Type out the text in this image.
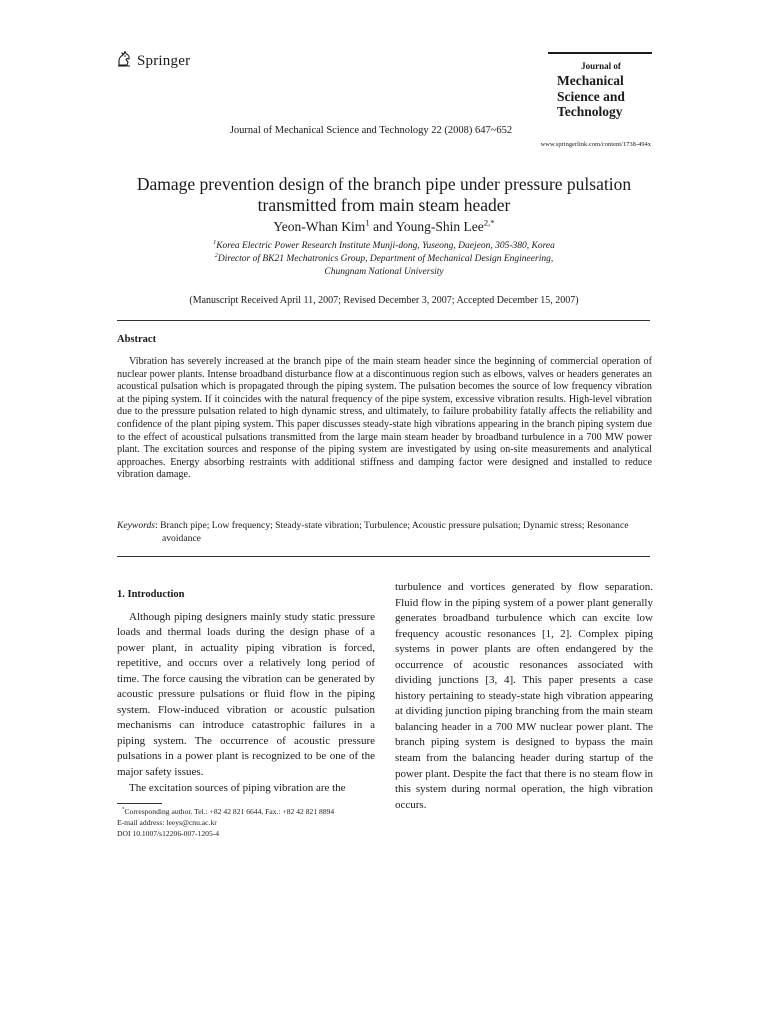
Springer	Journal of
Mechanical
Science and
Technology
Journal of Mechanical Science and Technology 22 (2008) 647~652
www.springerlink.com/content/1738-494x
Damage prevention design of the branch pipe under pressure pulsation
transmitted from main steam header
Yeon-Whan Kim$^1$ and Young-Shin Lee$^{2,*}$
$^1$Korea Electric Power Research Institute Munji-dong, Yuseong, Daejeon, 305-380, Korea
$^2$Director of BK21 Mechatronics Group, Department of Mechanical Design Engineering,
Chungnam National University
(Manuscript Received April 11, 2007; Revised December 3, 2007; Accepted December 15, 2007)
Abstract
Vibration has severely increased at the branch pipe of the main steam header since the beginning of commercial operation of nuclear power plants. Intense broadband disturbance flow at a discontinuous region such as elbows, valves or headers generates an acoustical pulsation which is propagated through the piping system. The pulsation becomes the source of low frequency vibration at the piping system. If it coincides with the natural frequency of the pipe system, excessive vibration results. High-level vibration due to the pressure pulsation related to high dynamic stress, and ultimately, to failure probability fatally affects the reliability and confidence of the plant piping system. This paper discusses steady-state high vibrations appearing in the branch piping system due to the effect of acoustical pulsations transmitted from the large main steam header by broadband turbulence in a 700 MW power plant. The excitation sources and response of the piping system are investigated by using on-site measurements and analytical approaches. Energy absorbing restraints with additional stiffness and damping factor were designed and installed to reduce vibration damage.
Keywords: Branch pipe; Low frequency; Steady-state vibration; Turbulence; Acoustic pressure pulsation; Dynamic stress; Resonance avoidance
1. Introduction

Although piping designers mainly study static pressure loads and thermal loads during the design phase of a power plant, in actuality piping vibration is forced, repetitive, and occurs over a relatively long period of time. The force causing the vibration can be generated by acoustic pressure pulsations or fluid flow in the piping system. Flow-induced vibration or acoustic pulsation mechanisms can introduce catastrophic failures in a piping system. The occurrence of acoustic pressure pulsations in a power plant is recognized to be one of the major safety issues.

The excitation sources of piping vibration are the

turbulence and vortices generated by flow separation. Fluid flow in the piping system of a power plant generally generates broadband turbulence which can excite low frequency acoustic resonances [1, 2]. Complex piping systems in power plants are often endangered by the occurrence of acoustic resonances associated with dividing junctions [3, 4]. This paper presents a case history pertaining to steady-state high vibration appearing at dividing junction piping branching from the main steam balancing header in a 700 MW nuclear power plant. The branch piping system is designed to bypass the main steam from the balancing header during startup of the power plant. Despite the fact that there is no steam flow in this system during normal operation, the high vibration occurs.

*Corresponding author. Tel.: +82 42 821 6644, Fax.: +82 42 821 8894
E-mail address: leeys@cnu.ac.kr
DOI 10.1007/s12206-007-1205-4
